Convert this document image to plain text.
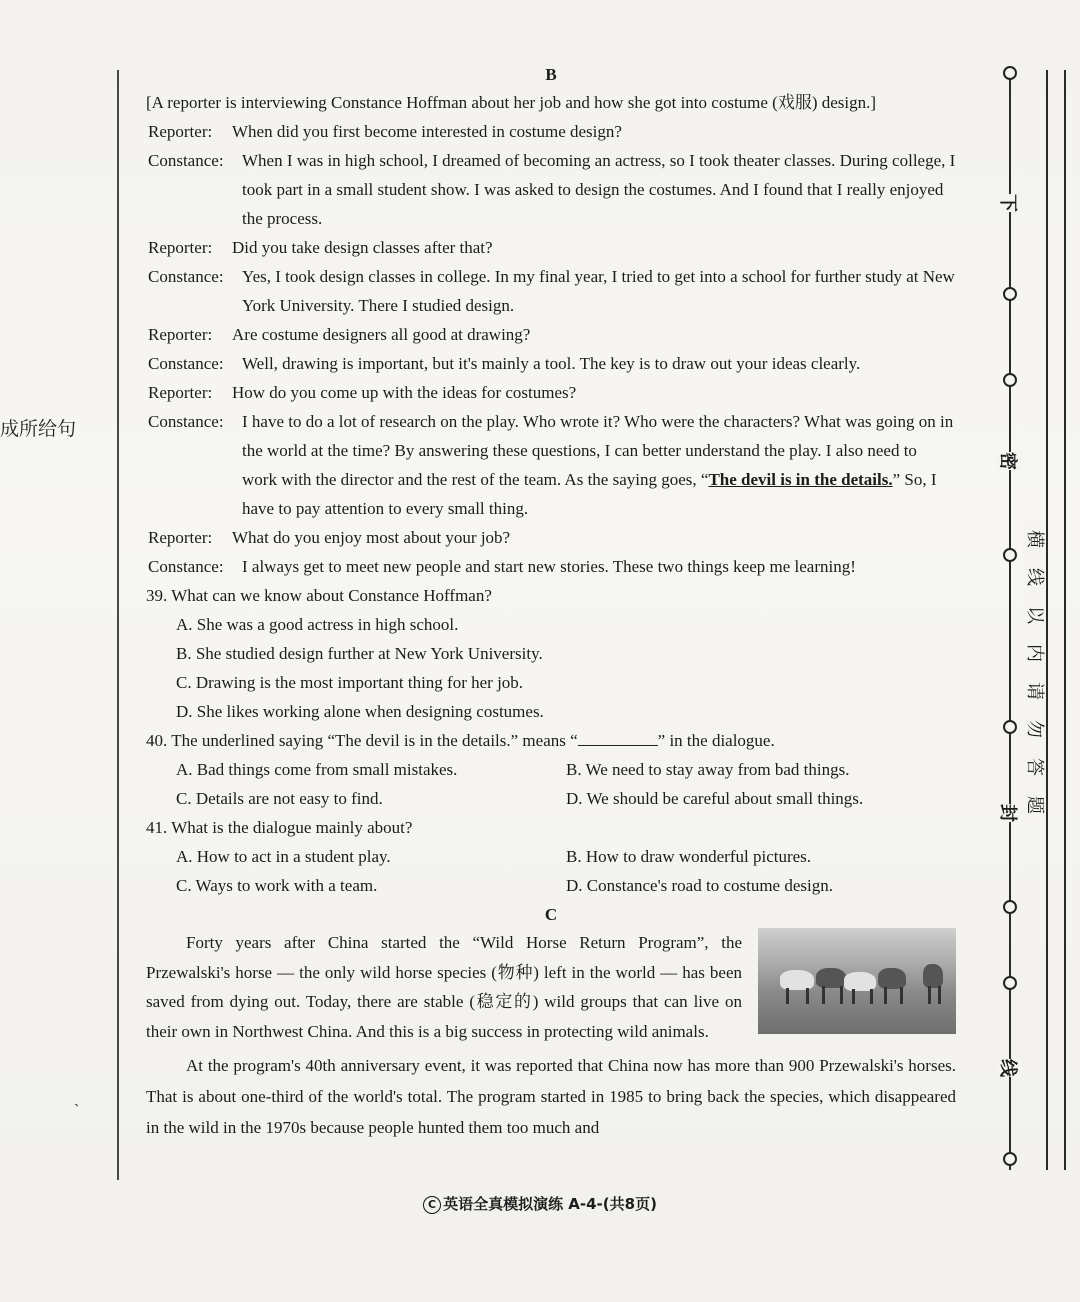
成所给句
`
B
[A reporter is interviewing Constance Hoffman about her job and how she got into costume (戏服) design.]
Reporter: When did you first become interested in costume design?
Constance: When I was in high school, I dreamed of becoming an actress, so I took theater classes. During college, I took part in a small student show. I was asked to design the costumes. And I found that I really enjoyed the process.
Reporter: Did you take design classes after that?
Constance: Yes, I took design classes in college. In my final year, I tried to get into a school for further study at New York University. There I studied design.
Reporter: Are costume designers all good at drawing?
Constance: Well, drawing is important, but it's mainly a tool. The key is to draw out your ideas clearly.
Reporter: How do you come up with the ideas for costumes?
Constance: I have to do a lot of research on the play. Who wrote it? Who were the characters? What was going on in the world at the time? By answering these questions, I can better understand the play. I also need to work with the director and the rest of the team. As the saying goes, “The devil is in the details.” So, I have to pay attention to every small thing.
Reporter: What do you enjoy most about your job?
Constance: I always get to meet new people and start new stories. These two things keep me learning!
39. What can we know about Constance Hoffman?
A. She was a good actress in high school.
B. She studied design further at New York University.
C. Drawing is the most important thing for her job.
D. She likes working alone when designing costumes.
40. The underlined saying “The devil is in the details.” means “	” in the dialogue.
A. Bad things come from small mistakes.	B. We need to stay away from bad things.
C. Details are not easy to find.	D. We should be careful about small things.
41. What is the dialogue mainly about?
A. How to act in a student play.	B. How to draw wonderful pictures.
C. Ways to work with a team.	D. Constance's road to costume design.
C
Forty years after China started the “Wild Horse Return Program”, the Przewalski's horse — the only wild horse species (物种) left in the world — has been saved from dying out. Today, there are stable (稳定的) wild groups that can live on their own in Northwest China. And this is a big success in protecting wild animals.
At the program's 40th anniversary event, it was reported that China now has more than 900 Przewalski's horses. That is about one-third of the world's total. The program started in 1985 to bring back the species, which disappeared in the wild in the 1970s because people hunted them too much and
C 英语全真模拟演练 A-4-(共8页)
下
密
封
线
横
线
以
内
请
勿
答
题
